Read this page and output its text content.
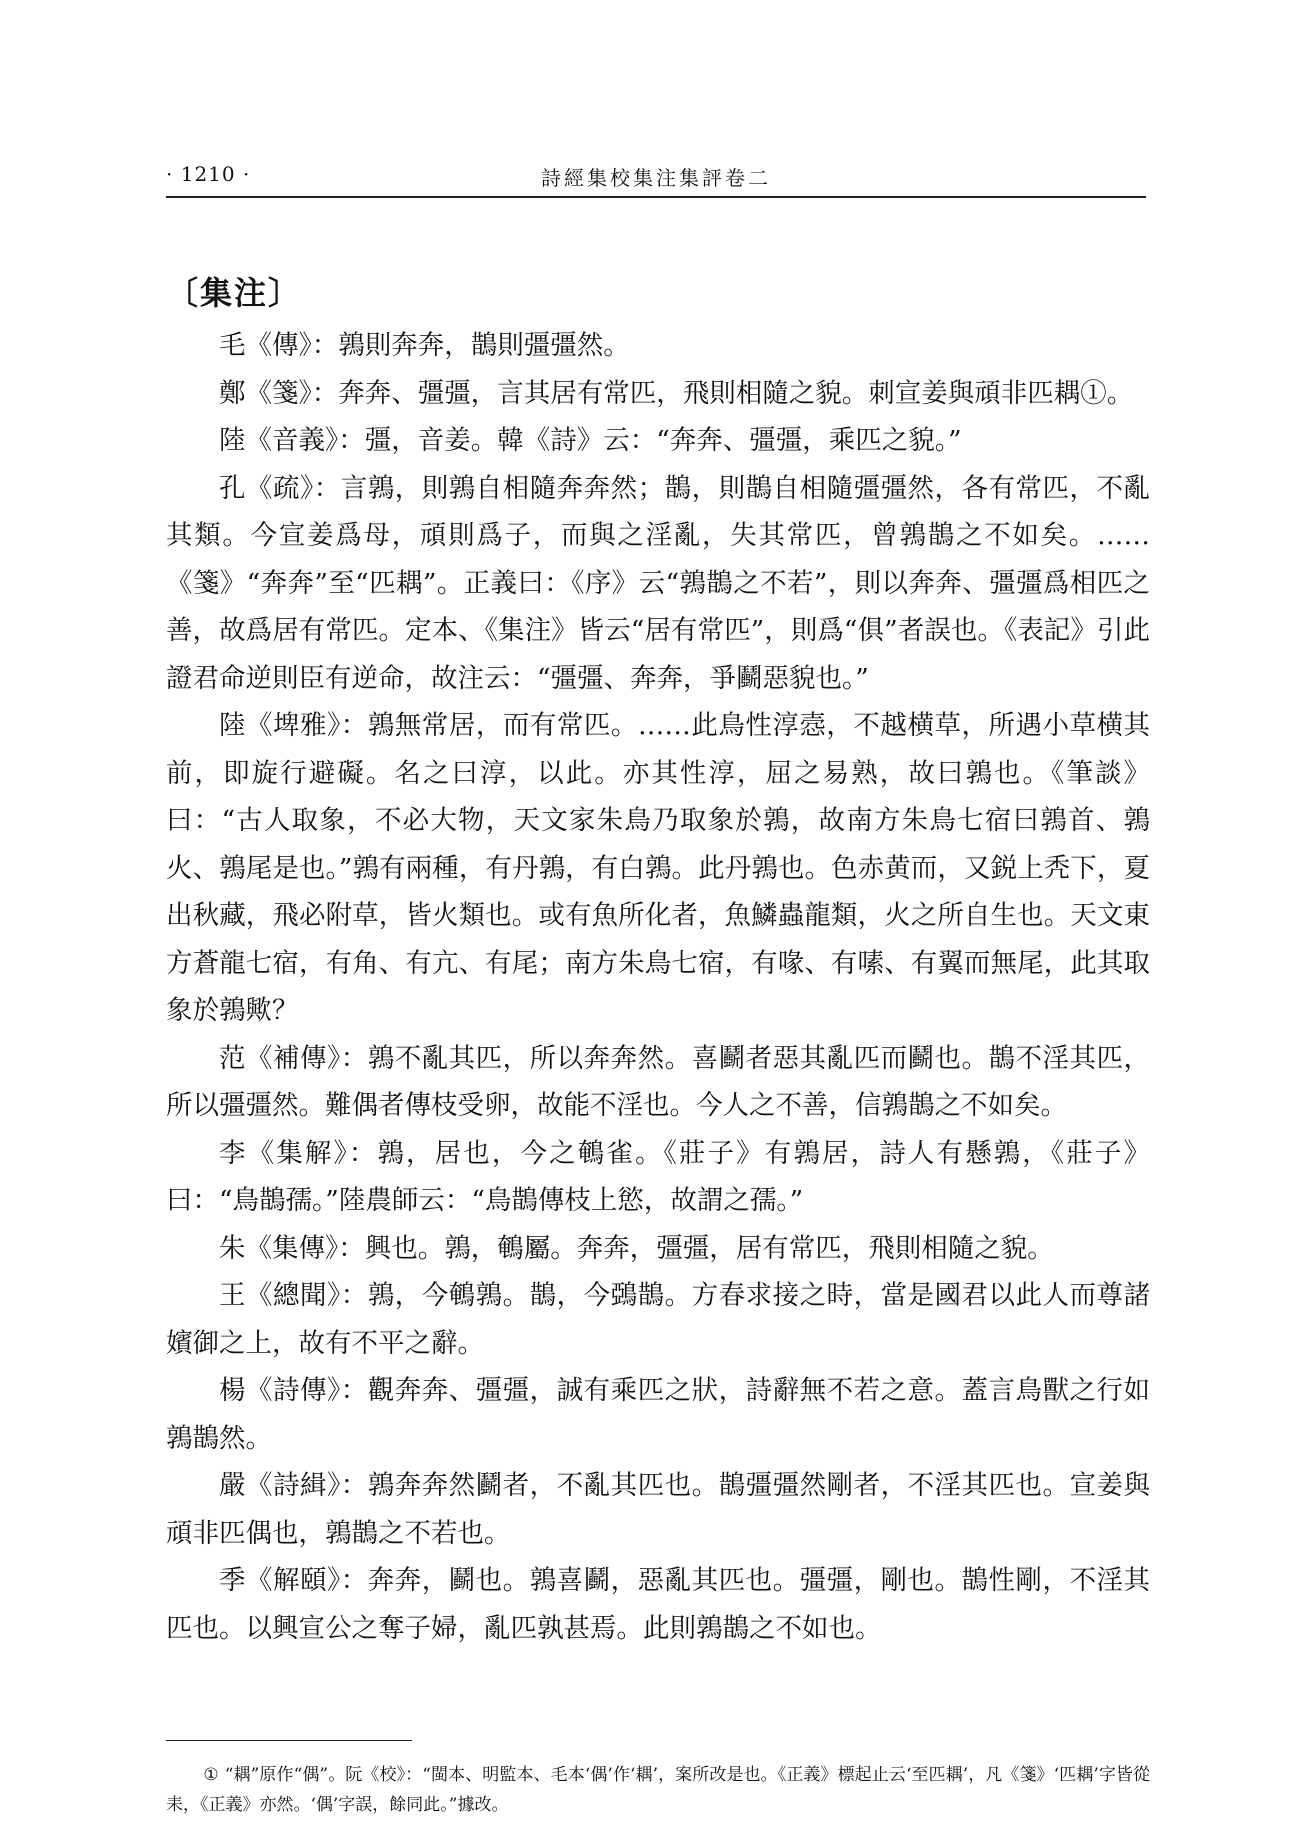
· 1210 ·	詩經集校集注集評卷二
〔集注〕

毛《傳》：鶉則奔奔，鵲則彊彊然。

鄭《箋》：奔奔、彊彊，言其居有常匹，飛則相隨之貌。刺宣姜與頑非匹耦①。

陸《音義》：彊，音姜。韓《詩》云：“奔奔、彊彊，乘匹之貌。”

孔《疏》：言鶉，則鶉自相隨奔奔然；鵲，則鵲自相隨彊彊然，各有常匹，不亂其類。今宣姜爲母，頑則爲子，而與之淫亂，失其常匹，曾鶉鵲之不如矣。……《箋》“奔奔”至“匹耦”。正義曰：《序》云“鶉鵲之不若”，則以奔奔、彊彊爲相匹之善，故爲居有常匹。定本、《集注》皆云“居有常匹”，則爲“俱”者誤也。《表記》引此證君命逆則臣有逆命，故注云：“彊彊、奔奔，爭鬬惡貌也。”

陸《埤雅》：鶉無常居，而有常匹。……此鳥性淳悫，不越横草，所遇小草横其前，即旋行避礙。名之曰淳，以此。亦其性淳，屈之易熟，故曰鶉也。《筆談》曰：“古人取象，不必大物，天文家朱鳥乃取象於鶉，故南方朱鳥七宿曰鶉首、鶉火、鶉尾是也。”鶉有兩種，有丹鶉，有白鶉。此丹鶉也。色赤黄而，又鋭上秃下，夏出秋藏，飛必附草，皆火類也。或有魚所化者，魚鱗蟲龍類，火之所自生也。天文東方蒼龍七宿，有角、有亢、有尾；南方朱鳥七宿，有喙、有嗉、有翼而無尾，此其取象於鶉歟？

范《補傳》：鶉不亂其匹，所以奔奔然。喜鬬者惡其亂匹而鬬也。鵲不淫其匹，所以彊彊然。難偶者傳枝受卵，故能不淫也。今人之不善，信鶉鵲之不如矣。

李《集解》：鶉，居也，今之鵪雀。《莊子》有鶉居，詩人有懸鶉，《莊子》曰：“鳥鵲孺。”陸農師云：“鳥鵲傳枝上慾，故謂之孺。”

朱《集傳》：興也。鶉，鵪屬。奔奔，彊彊，居有常匹，飛則相隨之貌。

王《總聞》：鶉，今鵪鶉。鵲，今鵶鵲。方春求接之時，當是國君以此人而尊諸嬪御之上，故有不平之辭。

楊《詩傳》：觀奔奔、彊彊，誠有乘匹之狀，詩辭無不若之意。蓋言鳥獸之行如鶉鵲然。

嚴《詩緝》：鶉奔奔然鬬者，不亂其匹也。鵲彊彊然剛者，不淫其匹也。宣姜與頑非匹偶也，鶉鵲之不若也。

季《解頤》：奔奔，鬬也。鶉喜鬬，惡亂其匹也。彊彊，剛也。鵲性剛，不淫其匹也。以興宣公之奪子婦，亂匹孰甚焉。此則鶉鵲之不如也。

① “耦”原作“偶”。阮《校》：“閩本、明監本、毛本‘偶’作‘耦’，案所改是也。《正義》標起止云‘至匹耦’，凡《箋》‘匹耦’字皆從耒，《正義》亦然。‘偶’字誤，餘同此。”據改。
